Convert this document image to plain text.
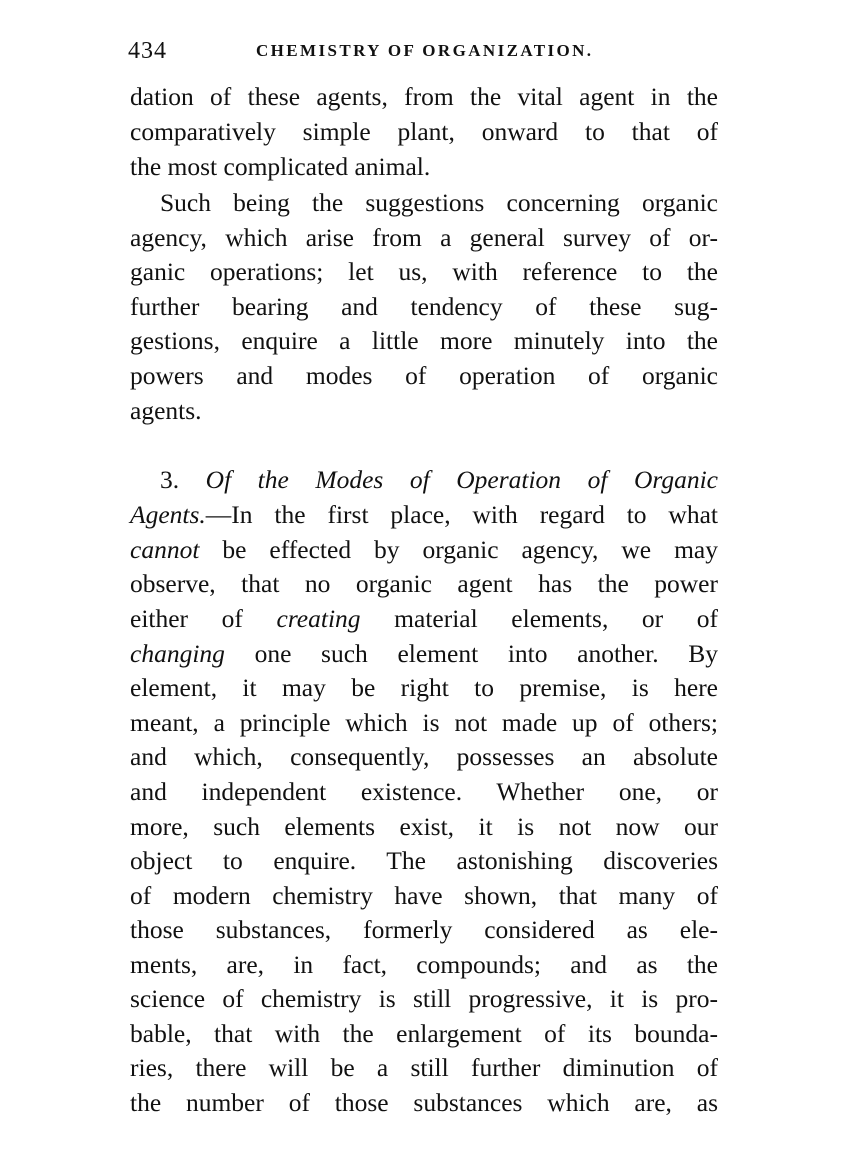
434	CHEMISTRY OF ORGANIZATION.
dation of these agents, from the vital agent in the
comparatively simple plant, onward to that of
the most complicated animal.
Such being the suggestions concerning organic
agency, which arise from a general survey of or-
ganic operations; let us, with reference to the
further bearing and tendency of these sug-
gestions, enquire a little more minutely into the
powers and modes of operation of organic
agents.
3. Of the Modes of Operation of Organic
Agents.—In the first place, with regard to what
cannot be effected by organic agency, we may
observe, that no organic agent has the power
either of creating material elements, or of
changing one such element into another. By
element, it may be right to premise, is here
meant, a principle which is not made up of others;
and which, consequently, possesses an absolute
and independent existence. Whether one, or
more, such elements exist, it is not now our
object to enquire. The astonishing discoveries
of modern chemistry have shown, that many of
those substances, formerly considered as ele-
ments, are, in fact, compounds; and as the
science of chemistry is still progressive, it is pro-
bable, that with the enlargement of its bounda-
ries, there will be a still further diminution of
the number of those substances which are, as
